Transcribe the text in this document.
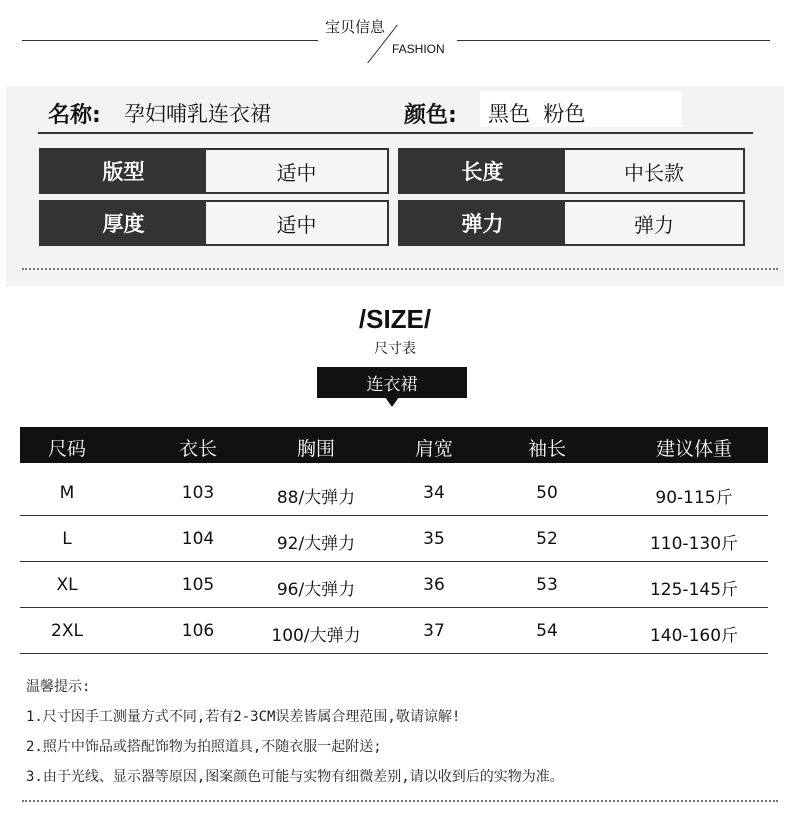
宝贝信息
FASHION
名称: 孕妇哺乳连衣裙	颜色: 黑色  粉色
版型	适中	长度	中长款
厚度	适中	弹力	弹力
/SIZE/
尺寸表
连衣裙
尺码	衣长	胸围	肩宽	袖长	建议体重
M	103	88/大弹力	34	50	90-115斤
L	104	92/大弹力	35	52	110-130斤
XL	105	96/大弹力	36	53	125-145斤
2XL	106	100/大弹力	37	54	140-160斤
温馨提示:
1.尺寸因手工测量方式不同,若有2-3CM误差皆属合理范围,敬请谅解!
2.照片中饰品或搭配饰物为拍照道具,不随衣服一起附送;
3.由于光线、显示器等原因,图案颜色可能与实物有细微差别,请以收到后的实物为准。
